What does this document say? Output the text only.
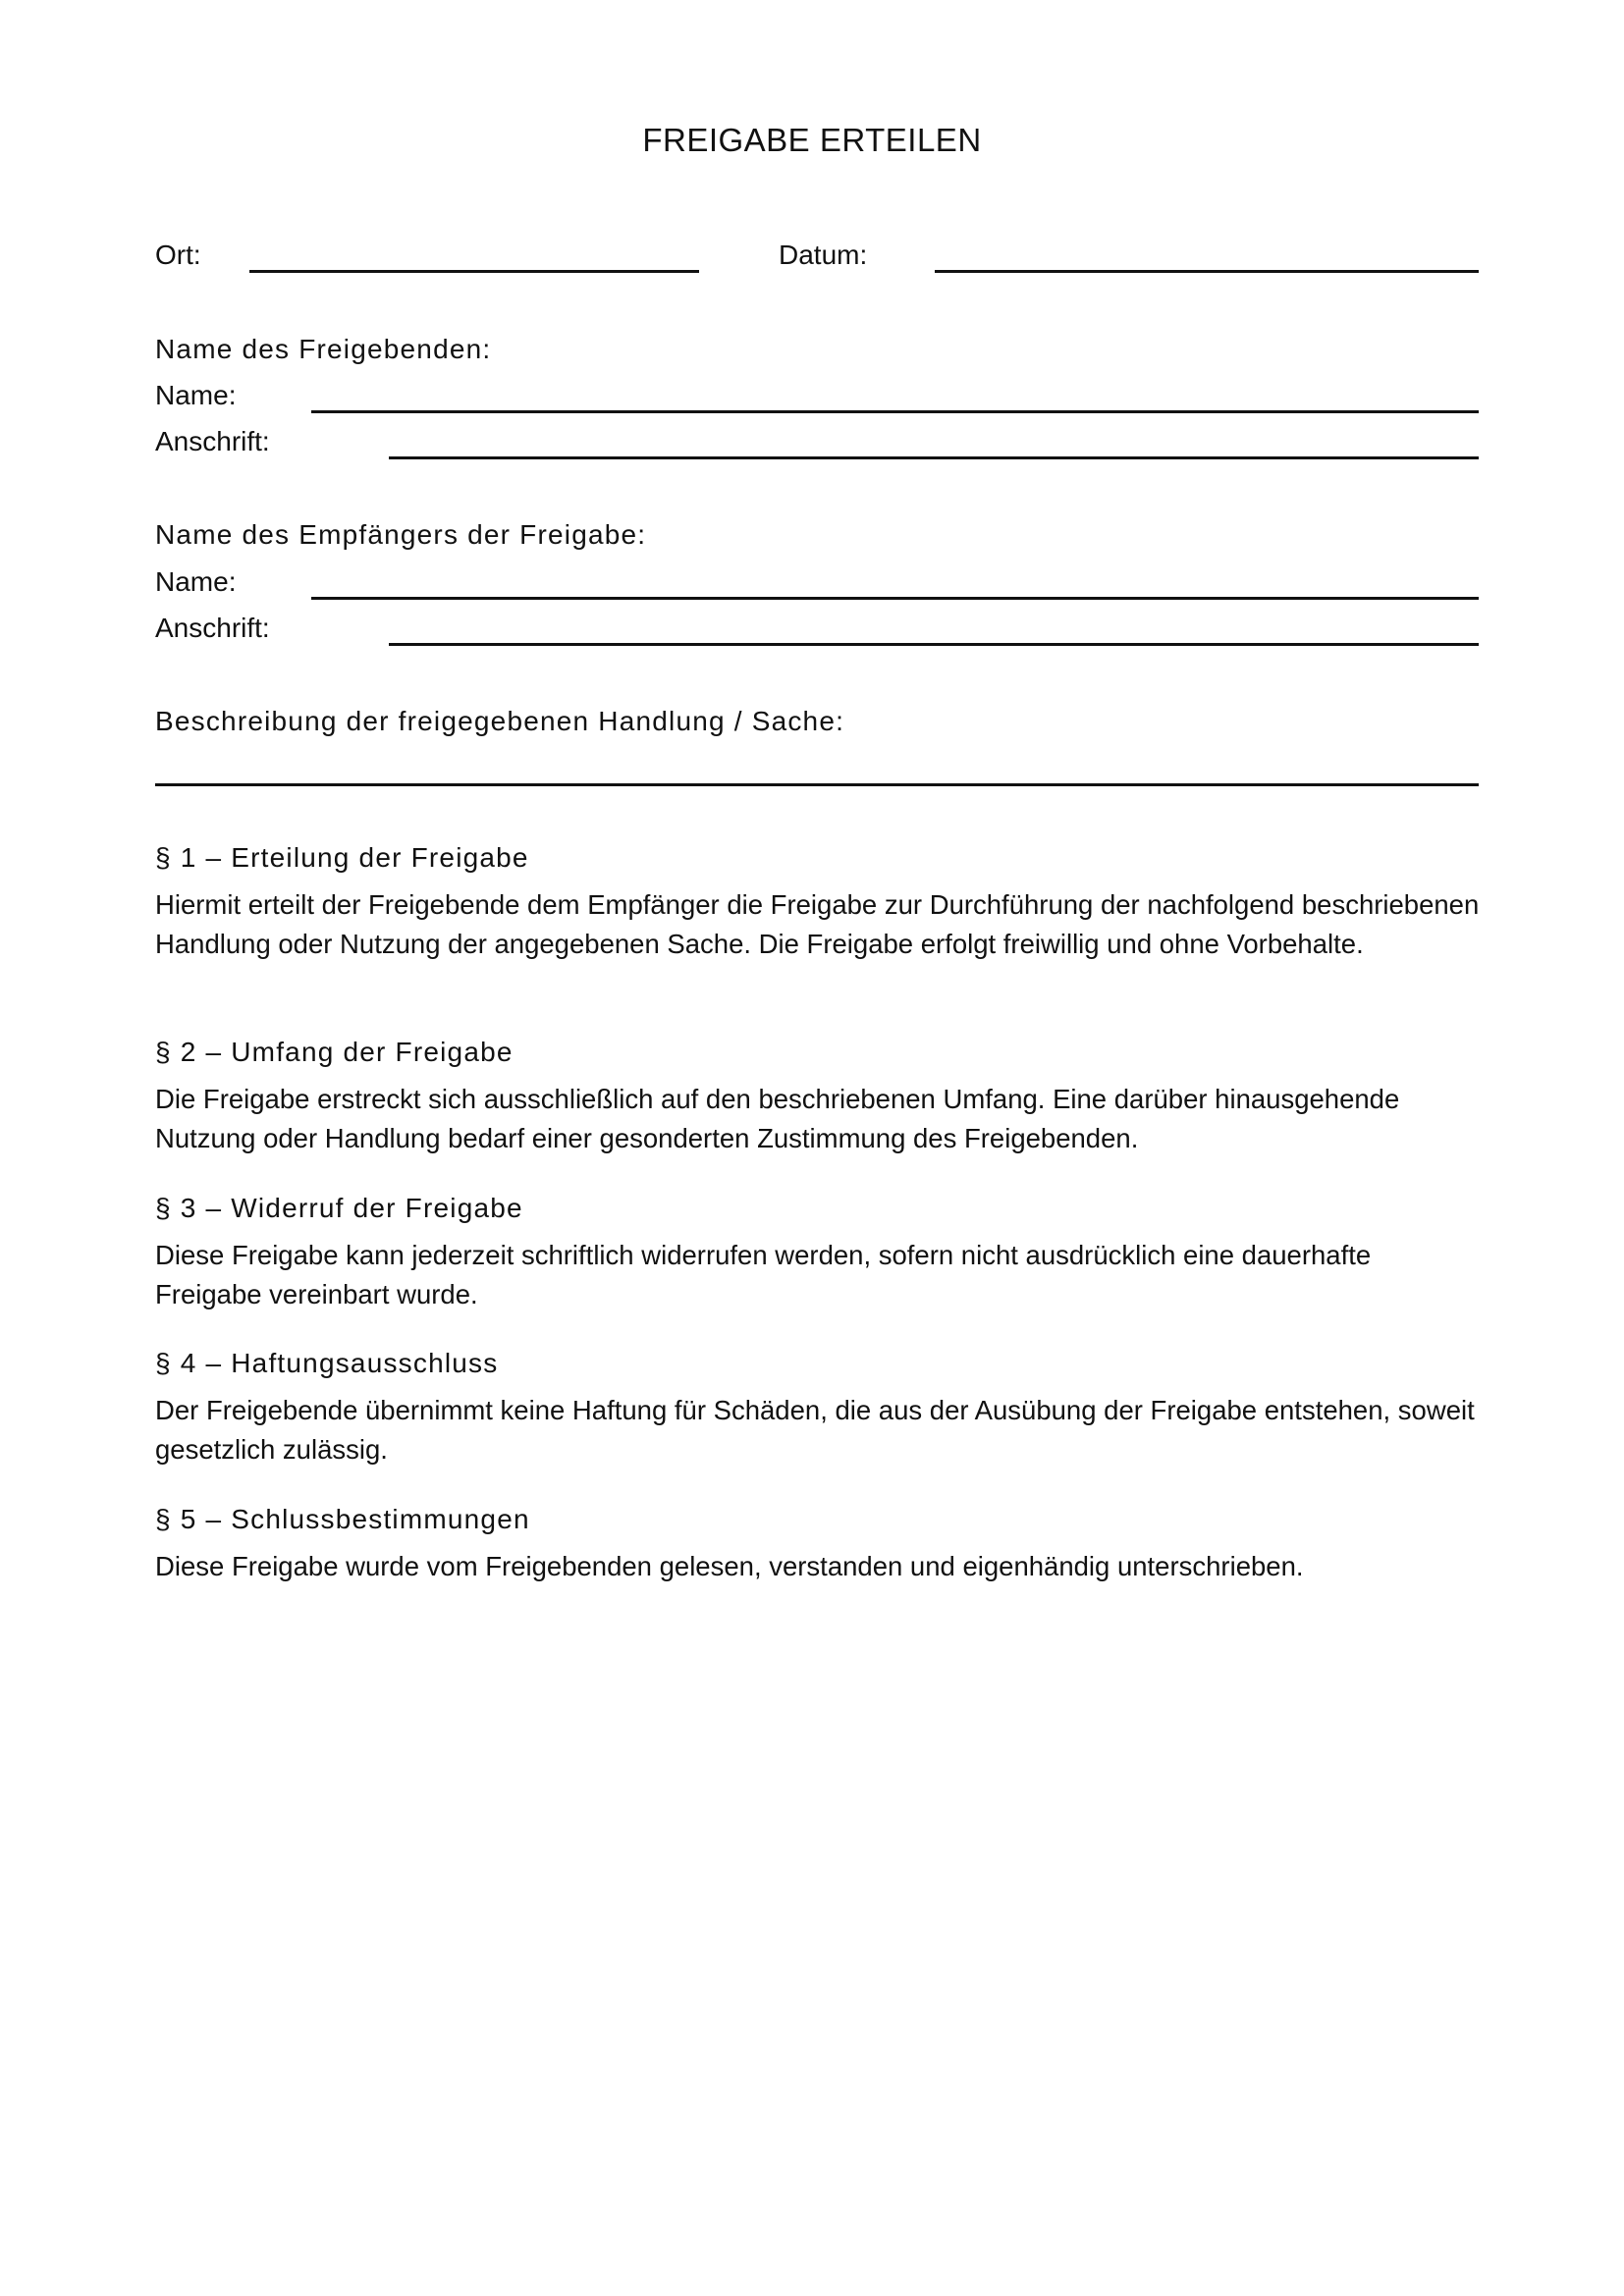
FREIGABE ERTEILEN
Ort:	Datum:
Name des Freigebenden:
Name:
Anschrift:
Name des Empfängers der Freigabe:
Name:
Anschrift:
Beschreibung der freigegebenen Handlung / Sache:
§ 1 – Erteilung der Freigabe
Hiermit erteilt der Freigebende dem Empfänger die Freigabe zur Durchführung der nachfolgend beschriebenen Handlung oder Nutzung der angegebenen Sache. Die Freigabe erfolgt freiwillig und ohne Vorbehalte.
§ 2 – Umfang der Freigabe
Die Freigabe erstreckt sich ausschließlich auf den beschriebenen Umfang. Eine darüber hinausgehende Nutzung oder Handlung bedarf einer gesonderten Zustimmung des Freigebenden.
§ 3 – Widerruf der Freigabe
Diese Freigabe kann jederzeit schriftlich widerrufen werden, sofern nicht ausdrücklich eine dauerhafte Freigabe vereinbart wurde.
§ 4 – Haftungsausschluss
Der Freigebende übernimmt keine Haftung für Schäden, die aus der Ausübung der Freigabe entstehen, soweit gesetzlich zulässig.
§ 5 – Schlussbestimmungen
Diese Freigabe wurde vom Freigebenden gelesen, verstanden und eigenhändig unterschrieben.
